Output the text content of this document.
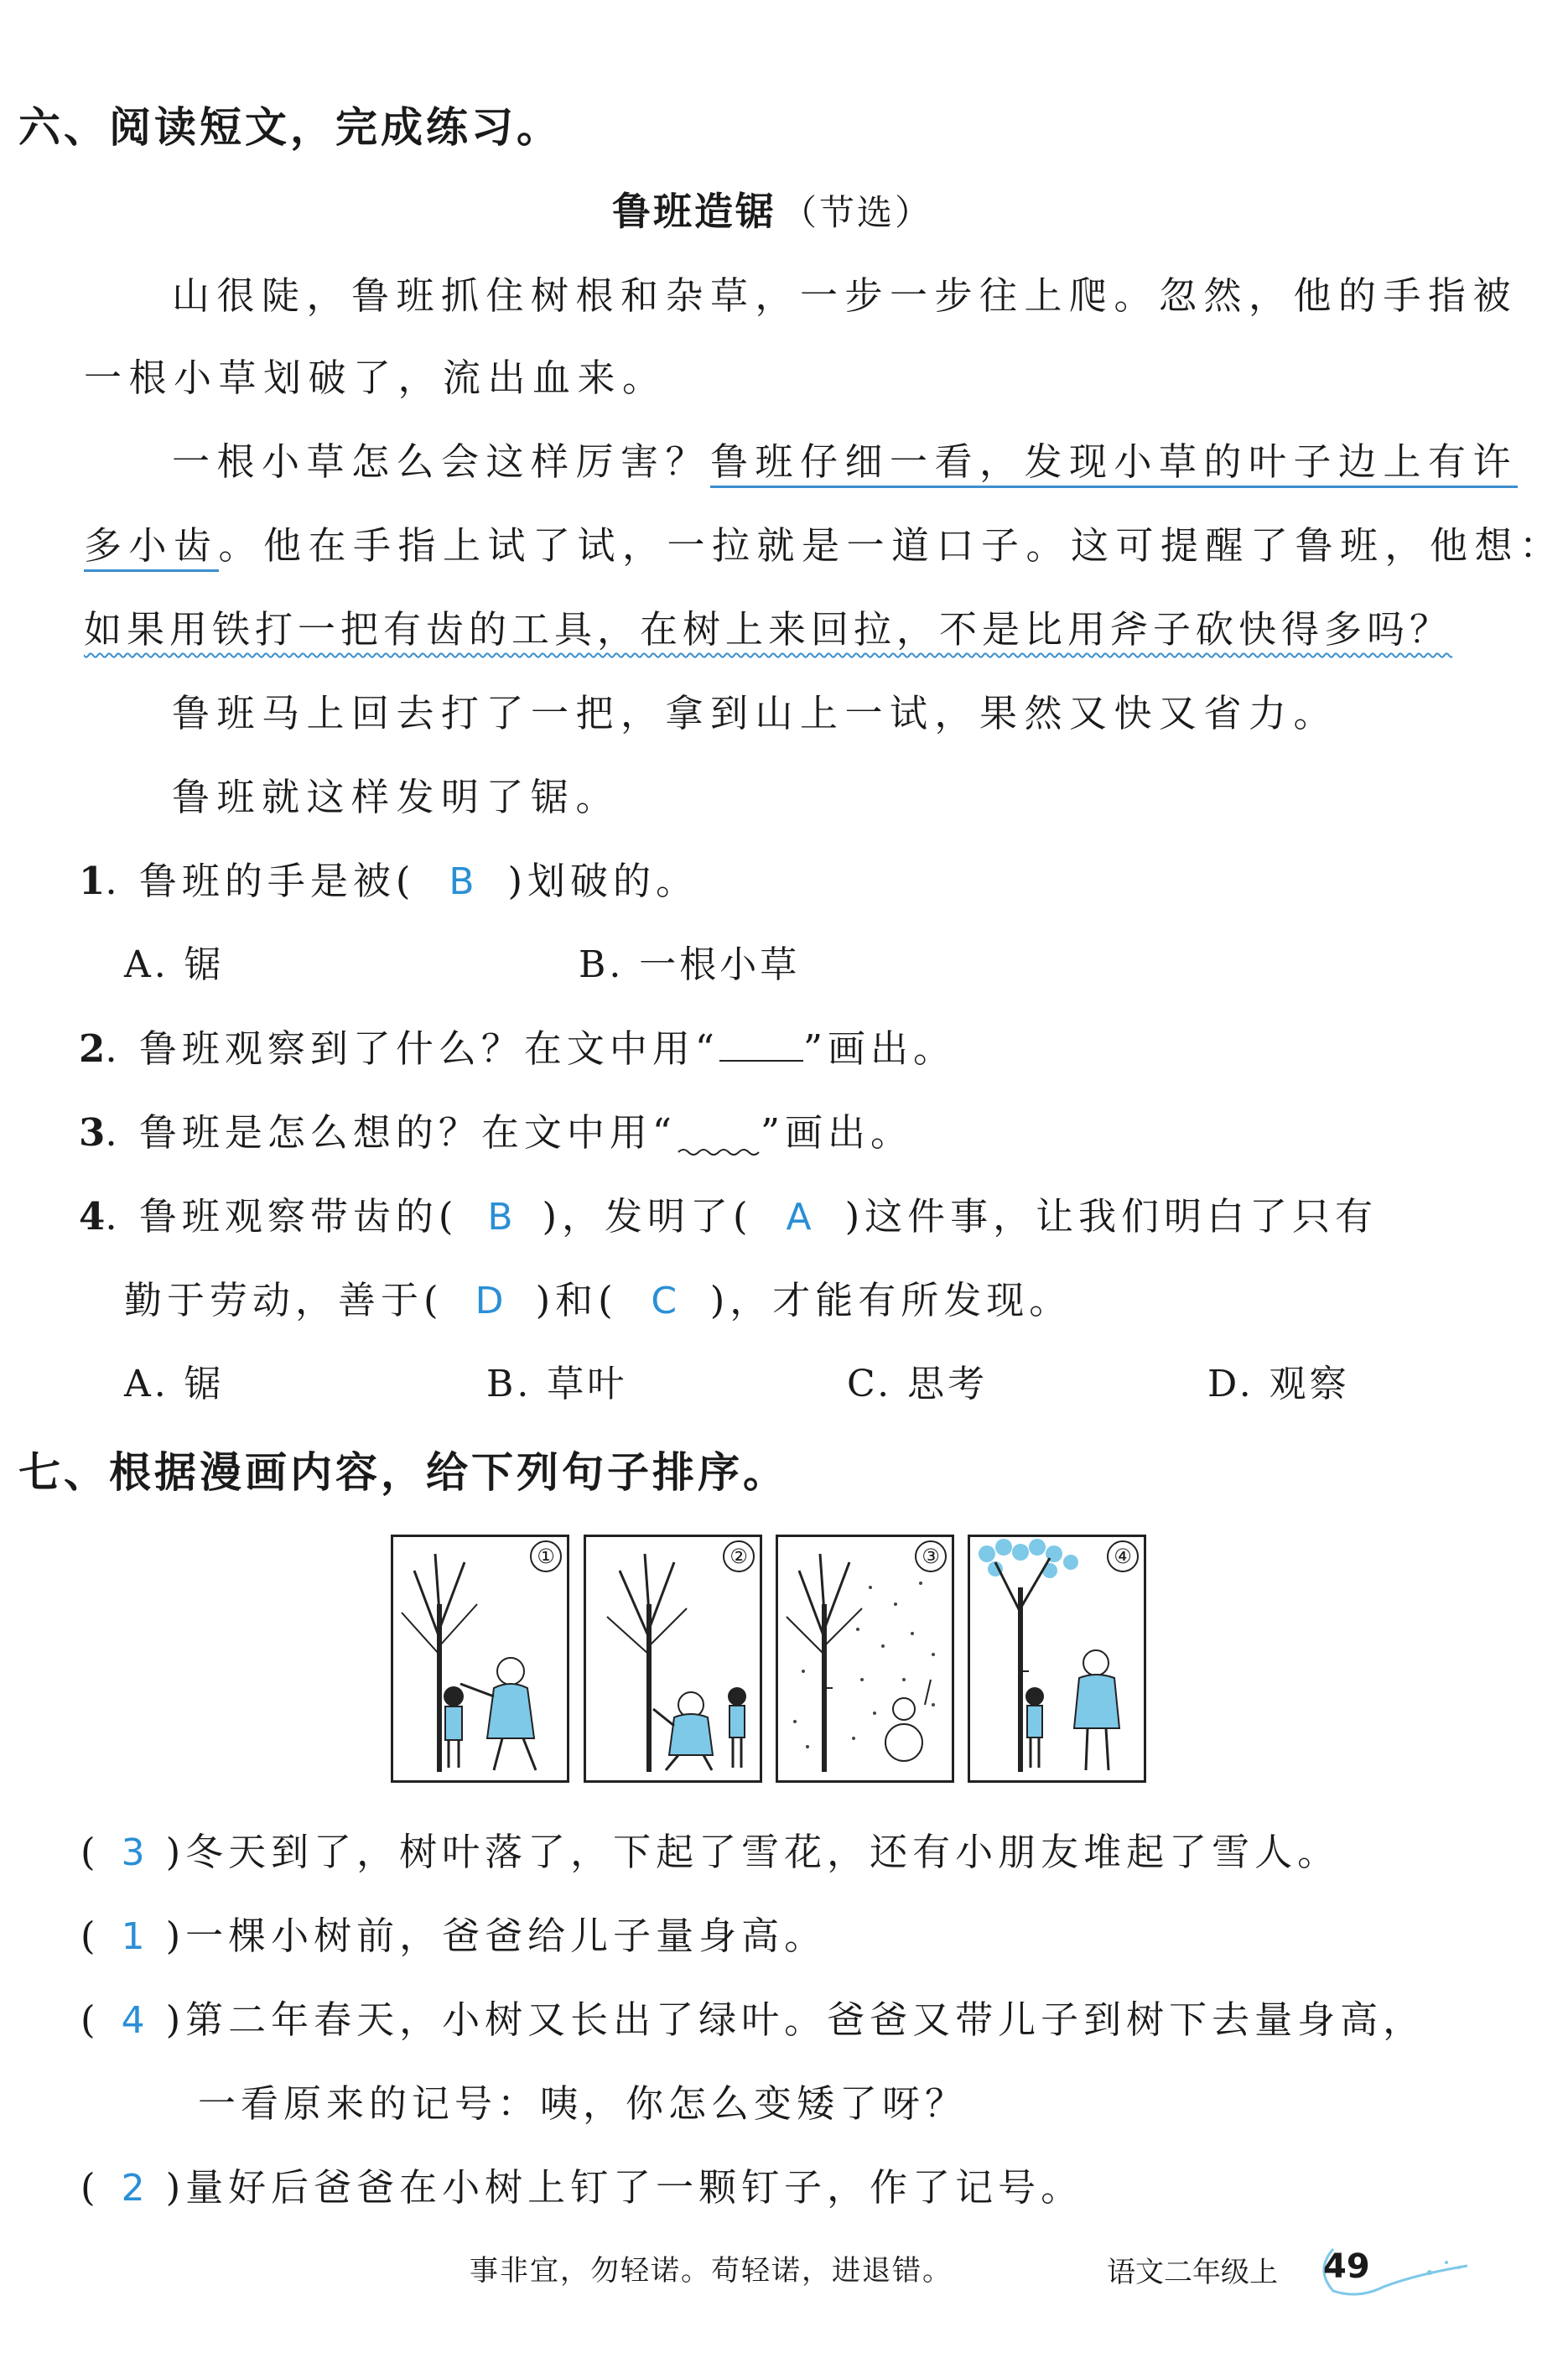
六、阅读短文，完成练习。
鲁班造锯 （节选）
山很陡，鲁班抓住树根和杂草，一步一步往上爬。忽然，他的手指被
一根小草划破了，流出血来。
一根小草怎么会这样厉害？鲁班仔细一看，发现小草的叶子边上有许
多小齿。他在手指上试了试，一拉就是一道口子。这可提醒了鲁班，他想：
如果用铁打一把有齿的工具，在树上来回拉，不是比用斧子砍快得多吗？
鲁班马上回去打了一把，拿到山上一试，果然又快又省力。
鲁班就这样发明了锯。
1. 鲁班的手是被( B )划破的。
A. 锯	B. 一根小草
2. 鲁班观察到了什么？在文中用“ ”画出。
3. 鲁班是怎么想的？在文中用“ ”画出。
4. 鲁班观察带齿的( B )，发明了( A )这件事，让我们明白了只有
勤于劳动，善于( D )和( C )，才能有所发现。
A. 锯	B. 草叶	C. 思考	D. 观察
七、根据漫画内容，给下列句子排序。
①	②	③	④
( 3 )冬天到了，树叶落了，下起了雪花，还有小朋友堆起了雪人。
( 1 )一棵小树前，爸爸给儿子量身高。
( 4 )第二年春天，小树又长出了绿叶。爸爸又带儿子到树下去量身高，
一看原来的记号：咦，你怎么变矮了呀？
( 2 )量好后爸爸在小树上钉了一颗钉子，作了记号。
事非宜，勿轻诺。苟轻诺，进退错。	语文二年级上 49
